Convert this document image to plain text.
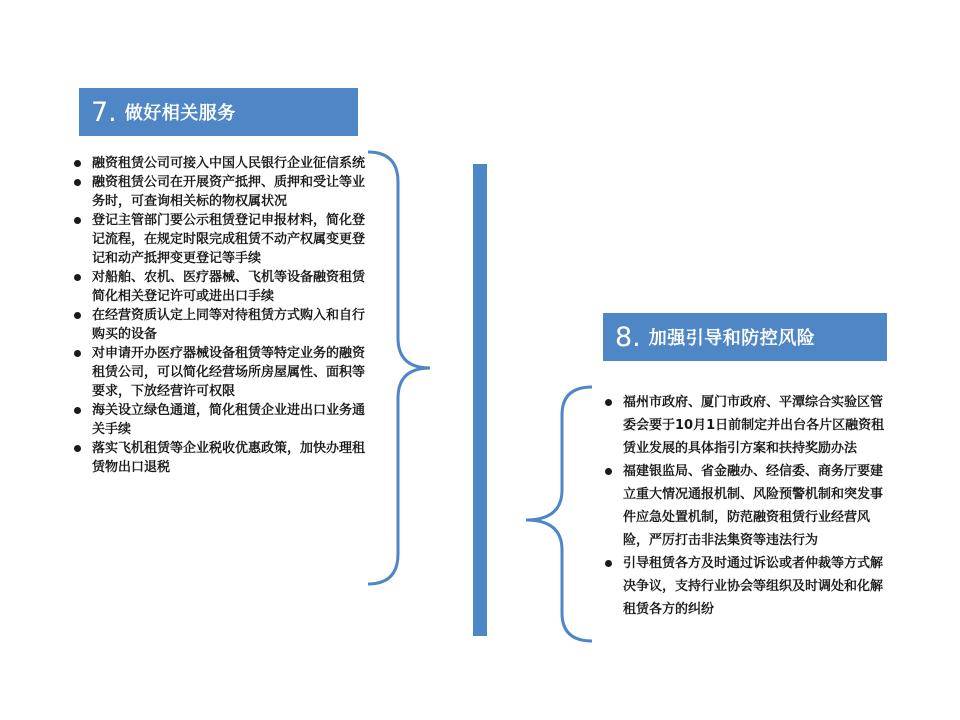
7. 做好相关服务
融资租赁公司可接入中国人民银行企业征信系统
融资租赁公司在开展资产抵押、质押和受让等业务时，可查询相关标的物权属状况
登记主管部门要公示租赁登记申报材料，简化登记流程，在规定时限完成租赁不动产权属变更登记和动产抵押变更登记等手续
对船舶、农机、医疗器械、飞机等设备融资租赁简化相关登记许可或进出口手续
在经营资质认定上同等对待租赁方式购入和自行购买的设备
对申请开办医疗器械设备租赁等特定业务的融资租赁公司，可以简化经营场所房屋属性、面积等要求，下放经营许可权限
海关设立绿色通道，简化租赁企业进出口业务通关手续
落实飞机租赁等企业税收优惠政策，加快办理租赁物出口退税
8. 加强引导和防控风险
福州市政府、厦门市政府、平潭综合实验区管委会要于10月1日前制定并出台各片区融资租赁业发展的具体指引方案和扶持奖励办法
福建银监局、省金融办、经信委、商务厅要建立重大情况通报机制、风险预警机制和突发事件应急处置机制，防范融资租赁行业经营风险，严厉打击非法集资等违法行为
引导租赁各方及时通过诉讼或者仲裁等方式解决争议，支持行业协会等组织及时调处和化解租赁各方的纠纷
